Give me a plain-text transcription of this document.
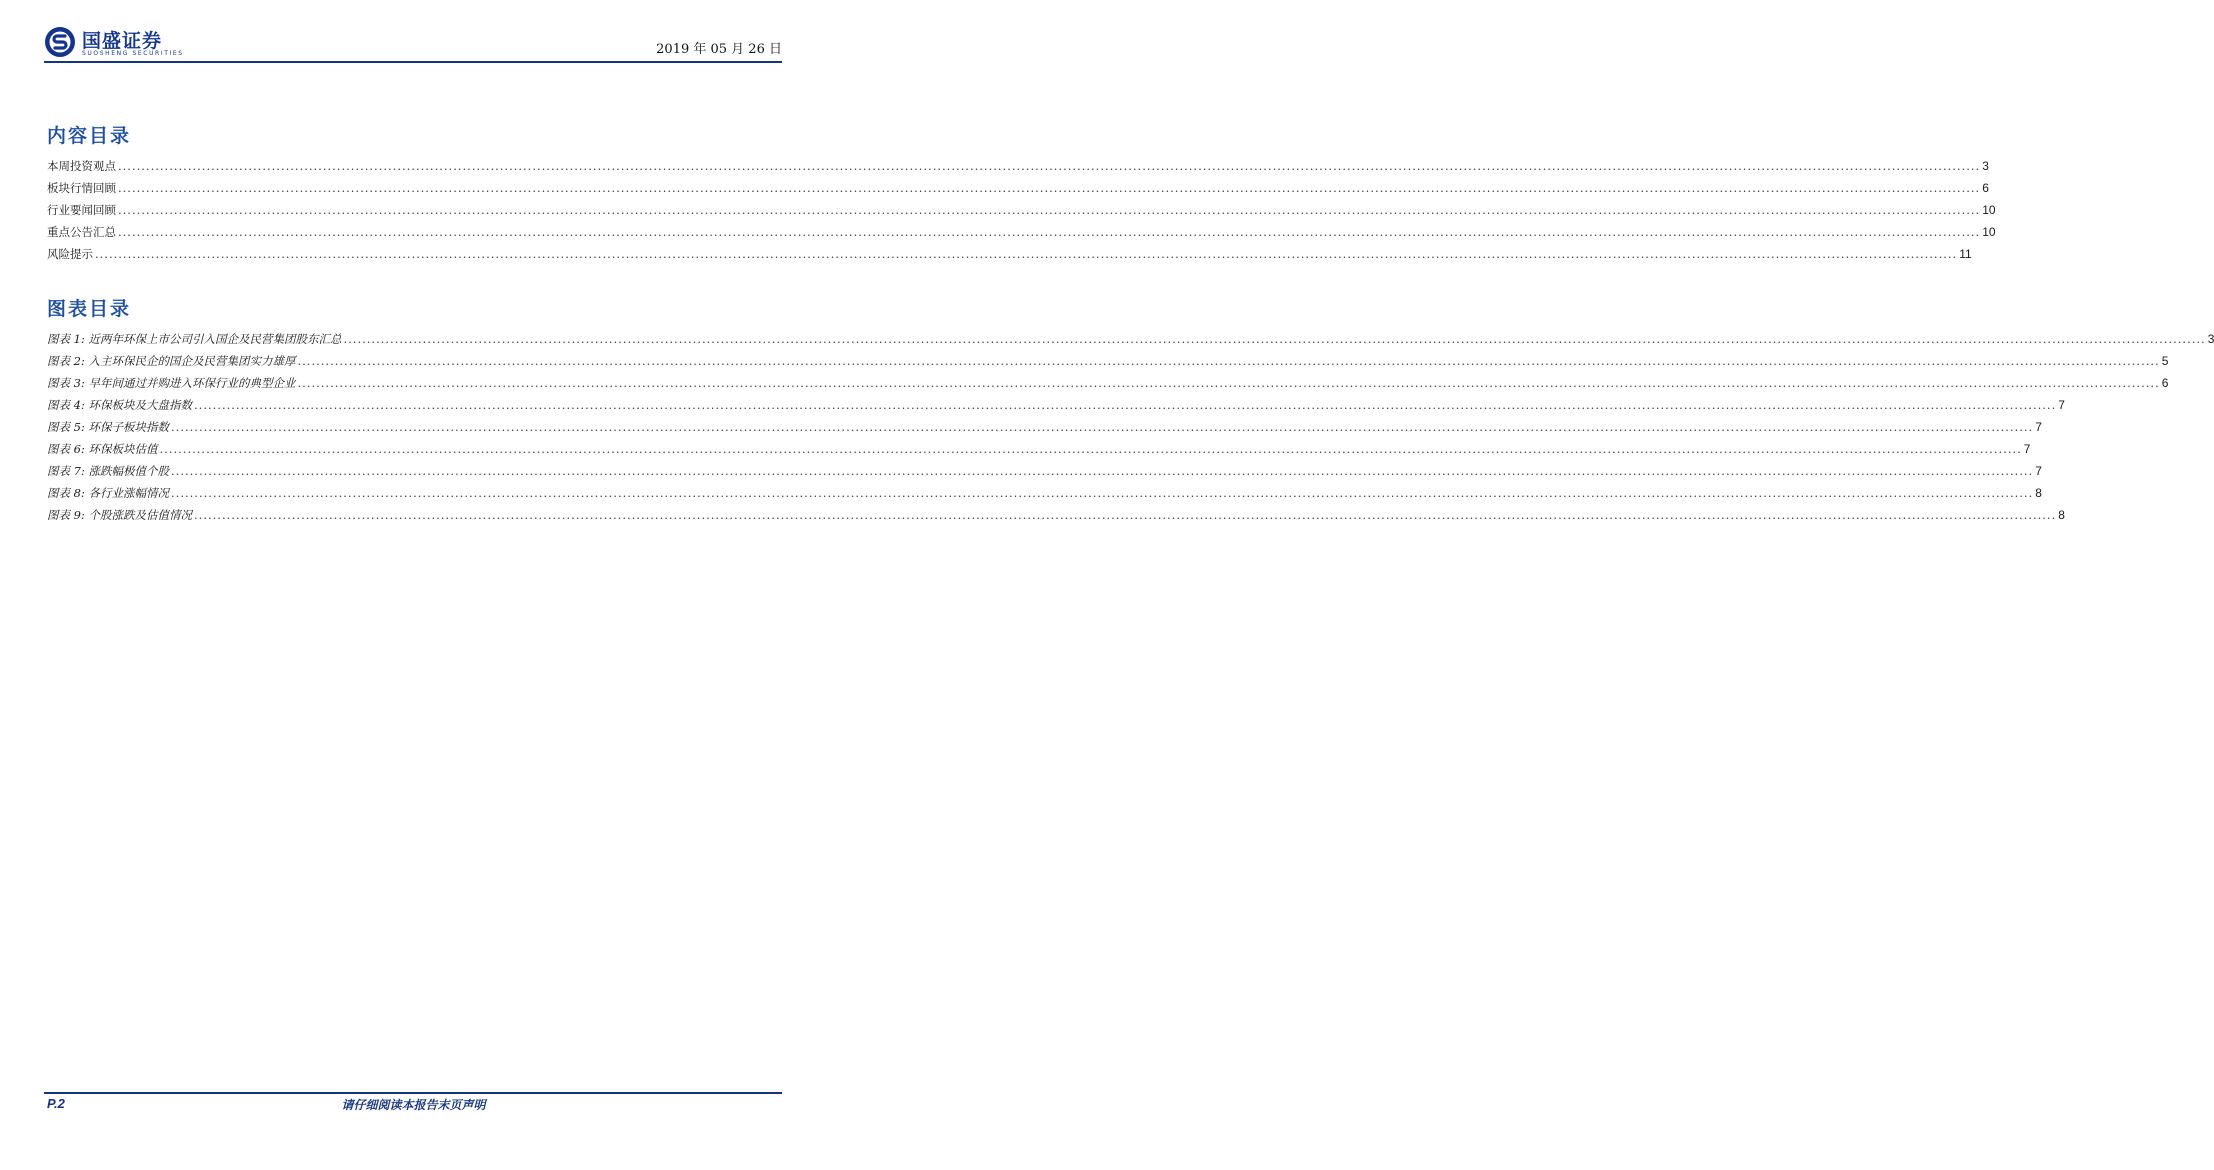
国盛证券
SUOSHENG SECURITIES	2019 年 05 月 26 日
内容目录
本周投资观点 ................................................................................................................................................................................................................................................................................................................................................................................................................ 3
板块行情回顾 ................................................................................................................................................................................................................................................................................................................................................................................................................ 6
行业要闻回顾 ................................................................................................................................................................................................................................................................................................................................................................................................................ 10
重点公告汇总 ................................................................................................................................................................................................................................................................................................................................................................................................................ 10
风险提示 ................................................................................................................................................................................................................................................................................................................................................................................................................ 11
图表目录
图表 1: 近两年环保上市公司引入国企及民营集团股东汇总 ................................................................................................................................................................................................................................................................................................................................................................................................................ 3
图表 2: 入主环保民企的国企及民营集团实力雄厚 ................................................................................................................................................................................................................................................................................................................................................................................................................ 5
图表 3: 早年间通过并购进入环保行业的典型企业 ................................................................................................................................................................................................................................................................................................................................................................................................................ 6
图表 4: 环保板块及大盘指数 ................................................................................................................................................................................................................................................................................................................................................................................................................ 7
图表 5: 环保子板块指数 ................................................................................................................................................................................................................................................................................................................................................................................................................ 7
图表 6: 环保板块估值 ................................................................................................................................................................................................................................................................................................................................................................................................................ 7
图表 7: 涨跌幅极值个股 ................................................................................................................................................................................................................................................................................................................................................................................................................ 7
图表 8: 各行业涨幅情况 ................................................................................................................................................................................................................................................................................................................................................................................................................ 8
图表 9: 个股涨跌及估值情况 ................................................................................................................................................................................................................................................................................................................................................................................................................ 8
P.2	请仔细阅读本报告末页声明
